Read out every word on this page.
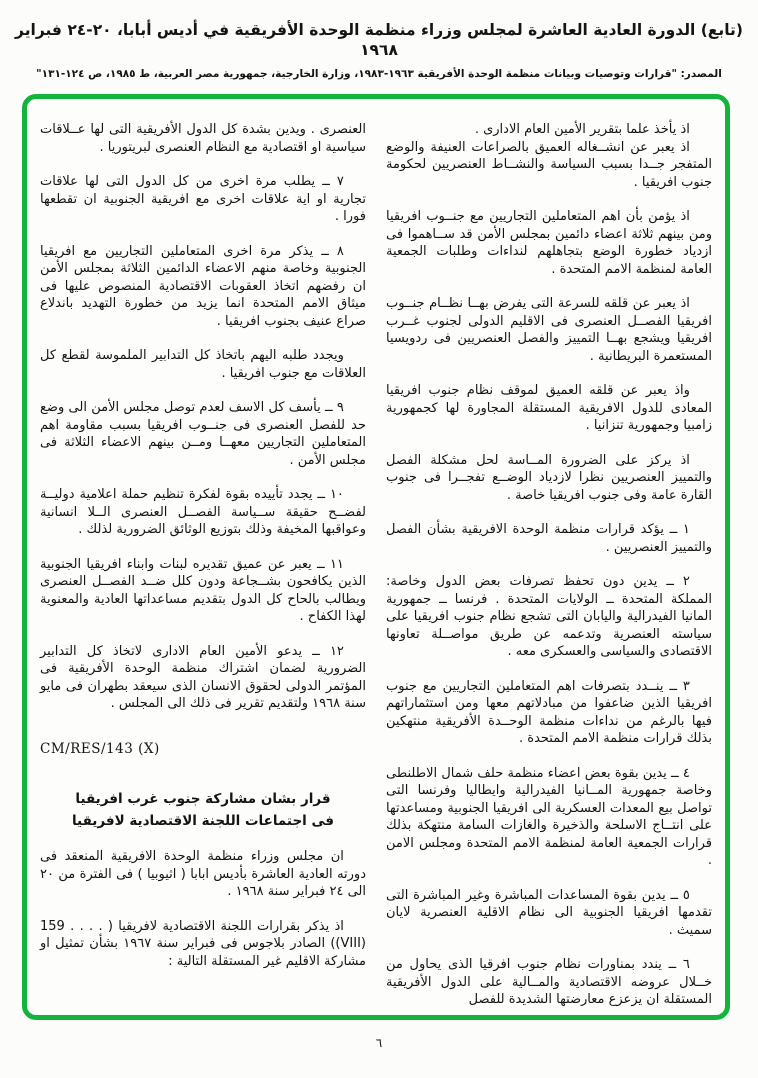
(تابع) الدورة العادية العاشرة لمجلس وزراء منظمة الوحدة الأفريقية في أديس أبابا، ٢٠-٢٤ فبراير ١٩٦٨
المصدر: "قرارات وتوصيات وبيانات منظمة الوحدة الأفريقية ١٩٦٣-١٩٨٣، وزارة الخارجية، جمهورية مصر العربية، ط ١٩٨٥، ص ١٢٤-١٣١"

اذ يأخذ علما بتقرير الأمين العام الادارى .

اذ يعبر عن انشــغاله العميق بالصراعات العنيفة والوضع المتفجر جــدا بسبب السياسة والنشــاط العنصريين لحكومة جنوب افريقيا .

اذ يؤمن بأن اهم المتعاملين التجاريين مع جنــوب افريقيا ومن بينهم ثلاثة اعضاء دائمين بمجلس الأمن قد ســاهموا فى ازدياد خطورة الوضع بتجاهلهم لنداءات وطلبات الجمعية العامة لمنظمة الامم المتحدة .

اذ يعبر عن قلقه للسرعة التى يفرض بهــا نظــام جنــوب افريقيا الفصــل العنصرى فى الاقليم الدولى لجنوب غــرب افريقيا ويشجع بهــا التمييز والفصل العنصريين فى ردويسيا المستعمرة البريطانية .

واذ يعبر عن قلقه العميق لموقف نظام جنوب افريقيا المعادى للدول الافريقية المستقلة المجاورة لها كجمهورية زامبيا وجمهورية تنزانيا .

اذ يركز على الضرورة المــاسة لحل مشكلة الفصل والتمييز العنصريين نظرا لازدياد الوضــع تفجــرا فى جنوب القارة عامة وفى جنوب افريقيا خاصة .

١ ــ يؤكد قرارات منظمة الوحدة الافريقية بشأن الفصل والتمييز العنصريين .

٢ ــ يدين دون تحفظ تصرفات بعض الدول وخاصة: المملكة المتحدة ــ الولايات المتحدة . فرنسا ــ جمهورية المانيا الفيدرالية واليابان التى تشجع نظام جنوب افريقيا على سياسته العنصرية وتدعمه عن طريق مواصــلة تعاونها الاقتصادى والسياسى والعسكرى معه .

٣ ــ ينــدد بتصرفات اهم المتعاملين التجاريين مع جنوب افريقيا الذين ضاعفوا من مبادلاتهم معها ومن استثماراتهم فيها بالرغم من نداءات منظمة الوحــدة الأفريقية منتهكين بذلك قرارات منظمة الامم المتحدة .

٤ ــ يدين بقوة بعض اعضاء منظمة حلف شمال الاطلنطى وخاصة جمهورية المــانيا الفيدرالية وايطاليا وفرنسا التى تواصل بيع المعدات العسكرية الى افريقيا الجنوبية ومساعدتها على انتــاج الاسلحة والذخيرة والغازات السامة منتهكة بذلك قرارات الجمعية العامة لمنظمة الامم المتحدة ومجلس الامن .

٥ ــ يدين بقوة المساعدات المباشرة وغير المباشرة التى تقدمها افريقيا الجنوبية الى نظام الاقلية العنصرية لايان سميث .

٦ ــ يندد بمناورات نظام جنوب افرقيا الذى يحاول من خــلال عروضه الاقتصادية والمــالية على الدول الأفريقية المستقلة ان يزعزع معارضتها الشديدة للفصل

العنصرى . ويدين بشدة كل الدول الأفريقية التى لها عــلاقات سياسية او اقتصادية مع النظام العنصرى لبريتوريا .

٧ ــ يطلب مرة اخرى من كل الدول التى لها علاقات تجارية او اية علاقات اخرى مع افريقية الجنوبية ان تقطعها فورا .

٨ ــ يذكر مرة اخرى المتعاملين التجاريين مع افريقيا الجنوبية وخاصة منهم الاعضاء الدائمين الثلاثة بمجلس الأمن ان رفضهم اتخاذ العقوبات الاقتصادية المنصوص عليها فى ميثاق الامم المتحدة انما يزيد من خطورة التهديد باندلاع صراع عنيف بجنوب افريقيا .

ويجدد طلبه اليهم باتخاذ كل التدابير الملموسة لقطع كل العلاقات مع جنوب افريقيا .

٩ ــ يأسف كل الاسف لعدم توصل مجلس الأمن الى وضع حد للفصل العنصرى فى جنــوب افريقيا بسبب مقاومة اهم المتعاملين التجاريين معهــا ومــن بينهم الاعضاء الثلاثة فى مجلس الأمن .

١٠ ــ يجدد تأييده بقوة لفكرة تنظيم حملة اعلامية دوليــة لفضــح حقيقة ســياسة الفصــل العنصرى الــلا انسانية وعواقبها المخيفة وذلك بتوزيع الوثائق الضرورية لذلك .

١١ ــ يعبر عن عميق تقديره لبنات وابناء افريقيا الجنوبية الذين يكافحون بشــجاعة ودون كلل ضــد الفصــل العنصرى ويطالب بالحاح كل الدول بتقديم مساعداتها العادية والمعنوية لهذا الكفاح .

١٢ ــ يدعو الأمين العام الادارى لاتخاذ كل التدابير الضرورية لضمان اشتراك منظمة الوحدة الأفريقية فى المؤتمر الدولى لحقوق الانسان الذى سيعقد بطهران فى مايو سنة ١٩٦٨ ولتقديم تقرير فى ذلك الى المجلس .

CM/RES/143 (X)

قرار بشان مشاركة جنوب غرب افريقيا
فى اجتماعات اللجنة الاقتصادية لافريقيا

ان مجلس وزراء منظمة الوحدة الافريقية المنعقد فى دورته العادية العاشرة بأديس ابابا ( اثيوبيا ) فى الفترة من ٢٠ الى ٢٤ فبراير سنة ١٩٦٨ .

اذ يذكر بقرارات اللجنة الاقتصادية لافريقيا ( . . . . 159 (VIII)) الصادر بلاجوس فى فبراير سنة ١٩٦٧ بشأن تمثيل او مشاركة الاقليم غير المستقلة التالية :

٦
